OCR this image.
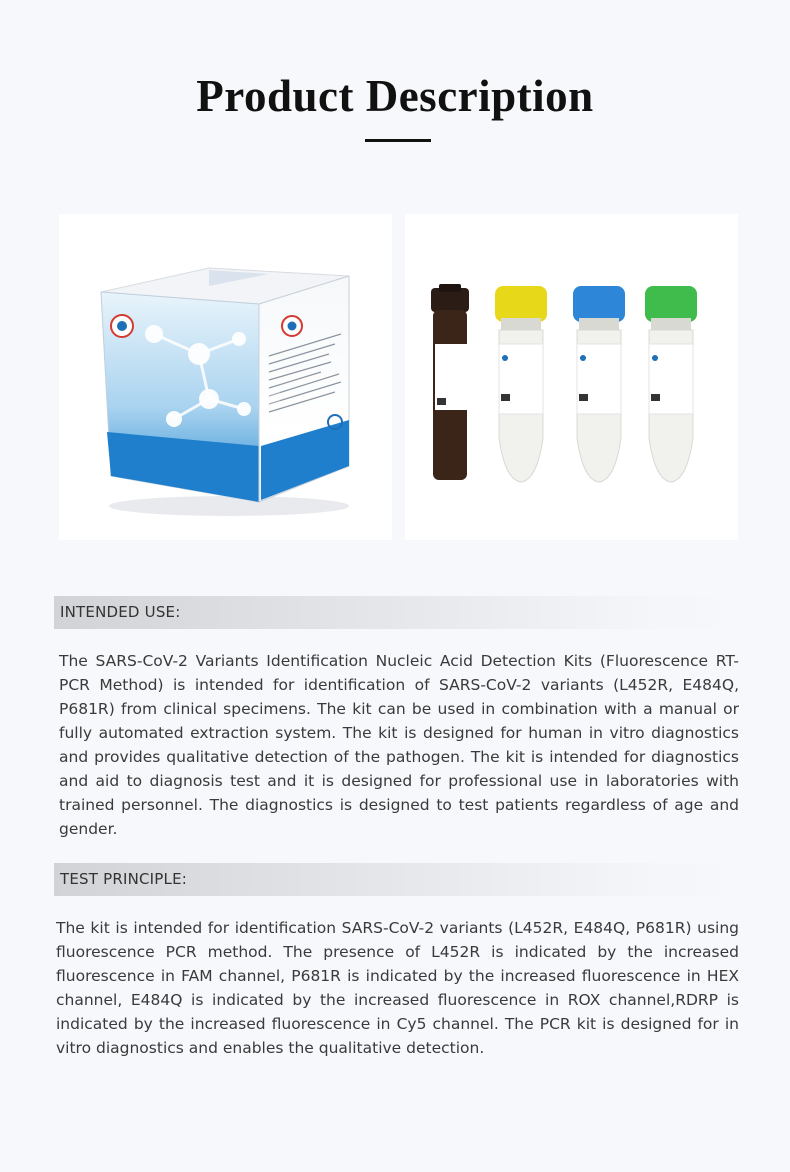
Product Description
INTENDED USE:

The SARS-CoV-2 Variants Identification Nucleic Acid Detection Kits (Fluorescence RT-PCR Method) is intended for identification of SARS-CoV-2 variants (L452R, E484Q, P681R) from clinical specimens. The kit can be used in combination with a manual or fully automated extraction system. The kit is designed for human in vitro diagnostics and provides qualitative detection of the pathogen. The kit is intended for diagnostics and aid to diagnosis test and it is designed for professional use in laboratories with trained personnel. The diagnostics is designed to test patients regardless of age and gender.

TEST PRINCIPLE:

The kit is intended for identification SARS-CoV-2 variants (L452R, E484Q, P681R) using fluorescence PCR method. The presence of L452R is indicated by the increased fluorescence in FAM channel, P681R is indicated by the increased fluorescence in HEX channel, E484Q is indicated by the increased fluorescence in ROX channel,RDRP is indicated by the increased fluorescence in Cy5 channel. The PCR kit is designed for in vitro diagnostics and enables the qualitative detection.
